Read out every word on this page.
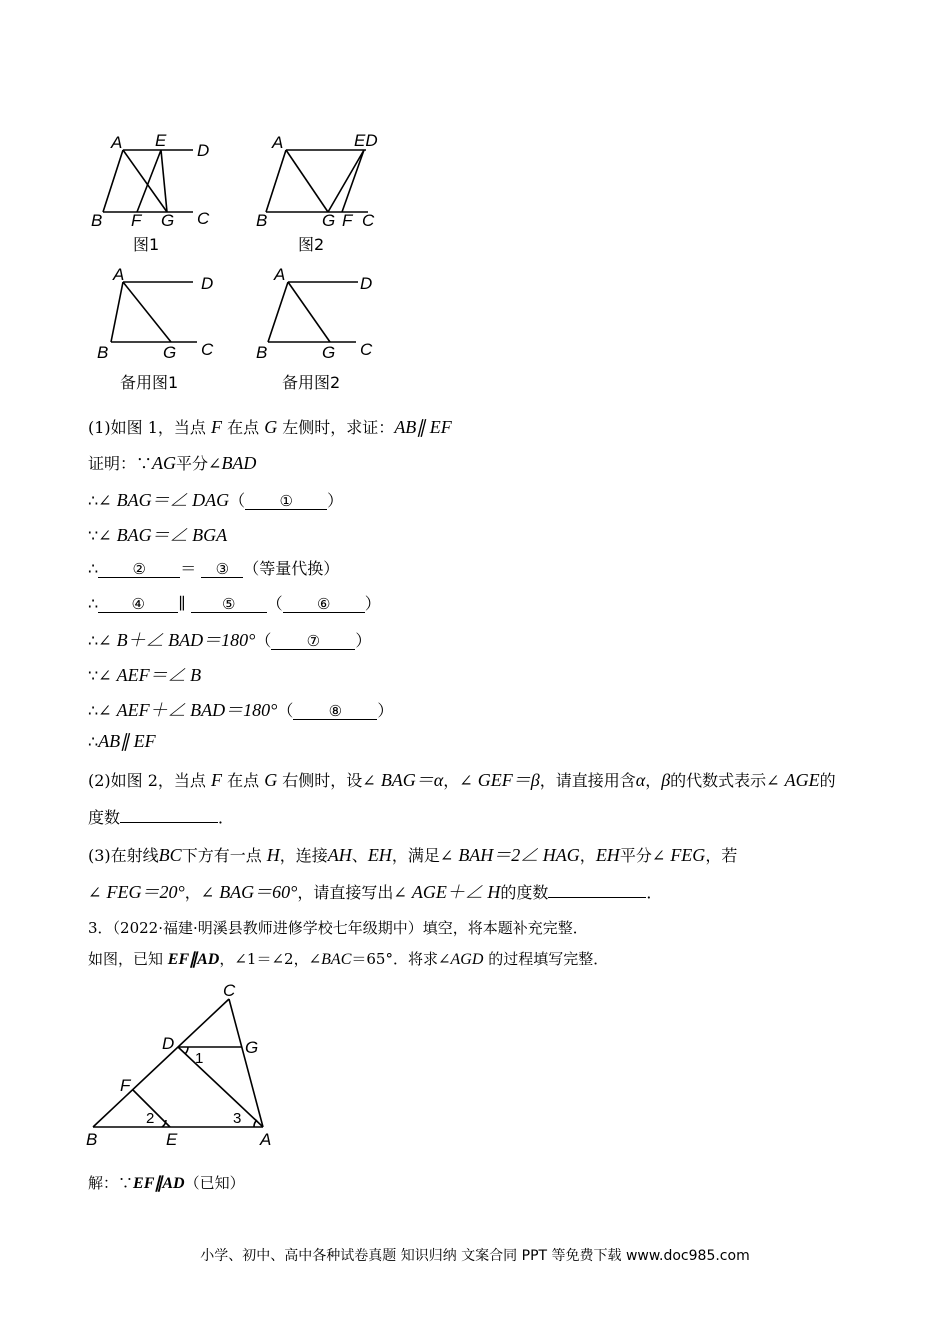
A E
D
B F G C
图1
A	ED
B	G F C
图2
A	D
B	G C
备用图1
A	D
B	G C
备用图2
(1)如图 1，当点 F 在点 G 左侧时，求证：AB∥ EF
证明：∵AG平分∠BAD
∴∠ BAG＝∠ DAG（ ① ）
∵∠ BAG＝∠ BGA
∴ ② ＝ ③ （等量代换）
∴ ④ ∥ ⑤ （ ⑥ ）
∴∠ B＋∠ BAD＝180°（ ⑦ ）
∵∠ AEF＝∠ B
∴∠ AEF＋∠ BAD＝180°（ ⑧ ）
∴AB∥ EF
(2)如图 2，当点 F 在点 G 右侧时，设∠ BAG＝α，∠ GEF＝β，请直接用含α，β的代数式表示∠ AGE的
度数	．
(3)在射线BC下方有一点 H，连接AH、EH，满足∠ BAH＝2∠ HAG，EH平分∠ FEG，若
∠ FEG＝20°，∠ BAG＝60°，请直接写出∠ AGE＋∠ H的度数	．
3．（2022·福建·明溪县教师进修学校七年级期中）填空，将本题补充完整．
如图，已知 EF∥AD，∠1＝∠2，∠BAC＝65°．将求∠AGD 的过程填写完整．
C
D	G
F
B	E	A
1
2	3
解：∵EF∥AD（已知）
小学、初中、高中各种试卷真题 知识归纳 文案合同 PPT 等免费下载 www.doc985.com
